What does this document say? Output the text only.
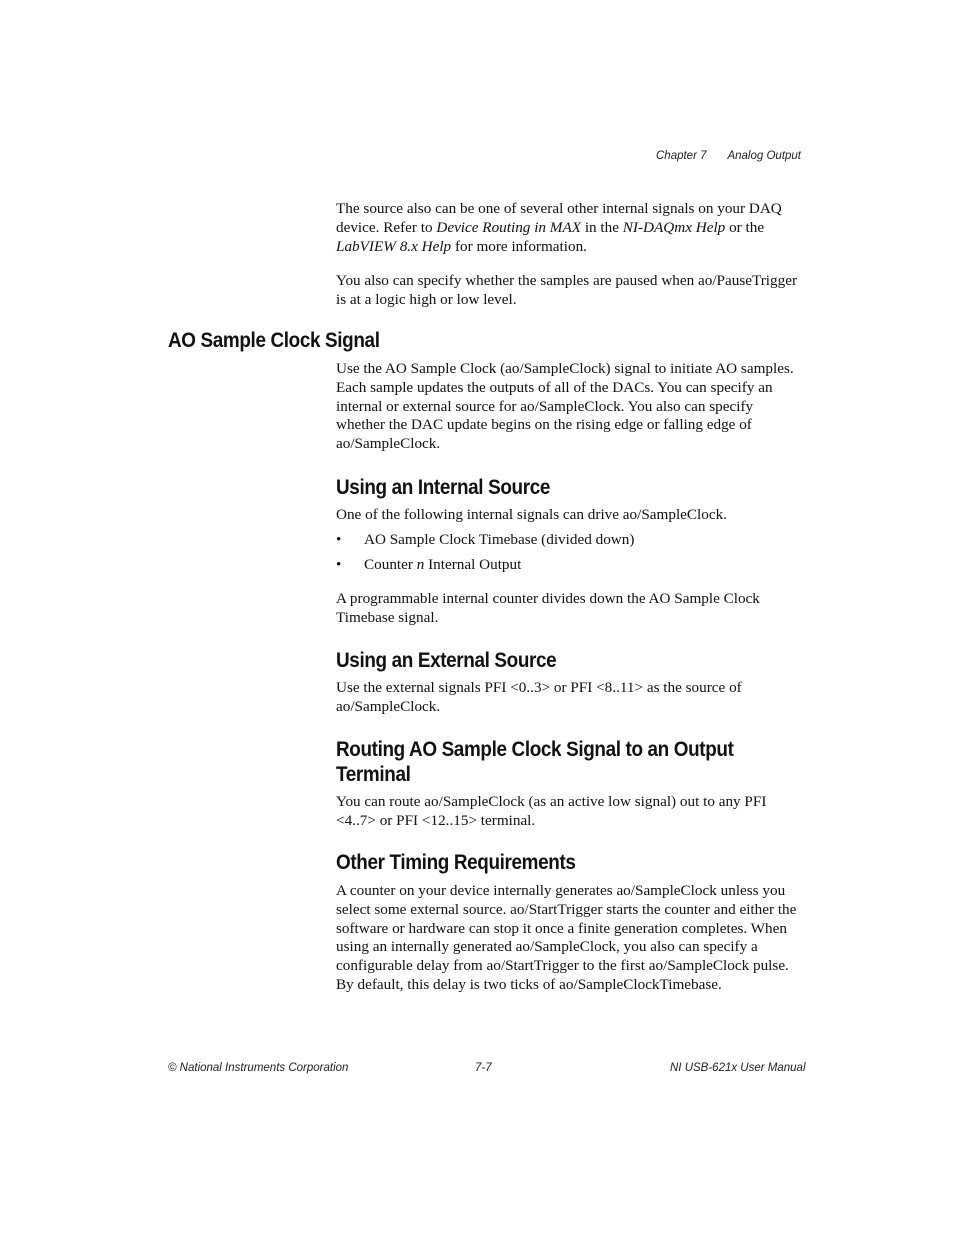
Chapter 7 Analog Output

The source also can be one of several other internal signals on your DAQ device. Refer to Device Routing in MAX in the NI-DAQmx Help or the LabVIEW 8.x Help for more information.

You also can specify whether the samples are paused when ao/PauseTrigger is at a logic high or low level.

AO Sample Clock Signal

Use the AO Sample Clock (ao/SampleClock) signal to initiate AO samples. Each sample updates the outputs of all of the DACs. You can specify an internal or external source for ao/SampleClock. You also can specify whether the DAC update begins on the rising edge or falling edge of ao/SampleClock.

Using an Internal Source

One of the following internal signals can drive ao/SampleClock.

•	AO Sample Clock Timebase (divided down)
•	Counter n Internal Output

A programmable internal counter divides down the AO Sample Clock Timebase signal.

Using an External Source

Use the external signals PFI <0..3> or PFI <8..11> as the source of ao/SampleClock.

Routing AO Sample Clock Signal to an Output Terminal

You can route ao/SampleClock (as an active low signal) out to any PFI <4..7> or PFI <12..15> terminal.

Other Timing Requirements

A counter on your device internally generates ao/SampleClock unless you select some external source. ao/StartTrigger starts the counter and either the software or hardware can stop it once a finite generation completes. When using an internally generated ao/SampleClock, you also can specify a configurable delay from ao/StartTrigger to the first ao/SampleClock pulse. By default, this delay is two ticks of ao/SampleClockTimebase.

© National Instruments Corporation	7-7	NI USB-621x User Manual
